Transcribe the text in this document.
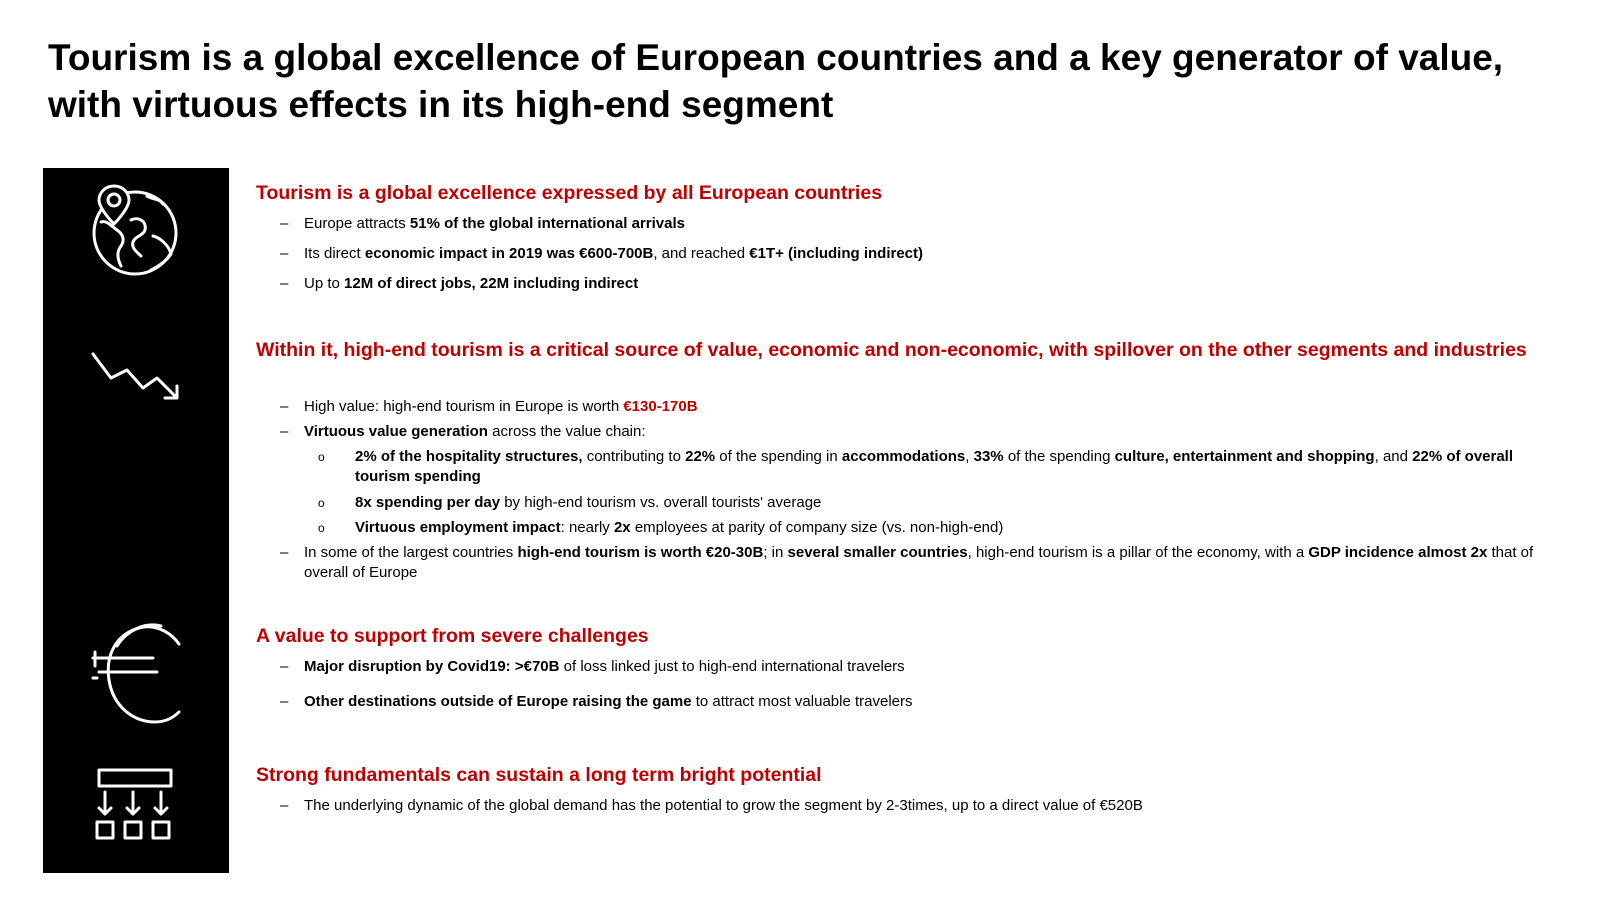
Tourism is a global excellence of European countries and a key generator of value, with virtuous effects in its high-end segment
Tourism is a global excellence expressed by all European countries
– Europe attracts 51% of the global international arrivals
– Its direct economic impact in 2019 was €600-700B, and reached €1T+ (including indirect)
– Up to 12M of direct jobs, 22M including indirect
Within it, high-end tourism is a critical source of value, economic and non-economic, with spillover on the other segments and industries
– High value: high-end tourism in Europe is worth €130-170B
– Virtuous value generation across the value chain:
o 2% of the hospitality structures, contributing to 22% of the spending in accommodations, 33% of the spending culture, entertainment and shopping, and 22% of overall tourism spending
o 8x spending per day by high-end tourism vs. overall tourists' average
o Virtuous employment impact: nearly 2x employees at parity of company size (vs. non-high-end)
– In some of the largest countries high-end tourism is worth €20-30B; in several smaller countries, high-end tourism is a pillar of the economy, with a GDP incidence almost 2x that of overall of Europe
A value to support from severe challenges
– Major disruption by Covid19: >€70B of loss linked just to high-end international travelers
– Other destinations outside of Europe raising the game to attract most valuable travelers
Strong fundamentals can sustain a long term bright potential
– The underlying dynamic of the global demand has the potential to grow the segment by 2-3times, up to a direct value of €520B
